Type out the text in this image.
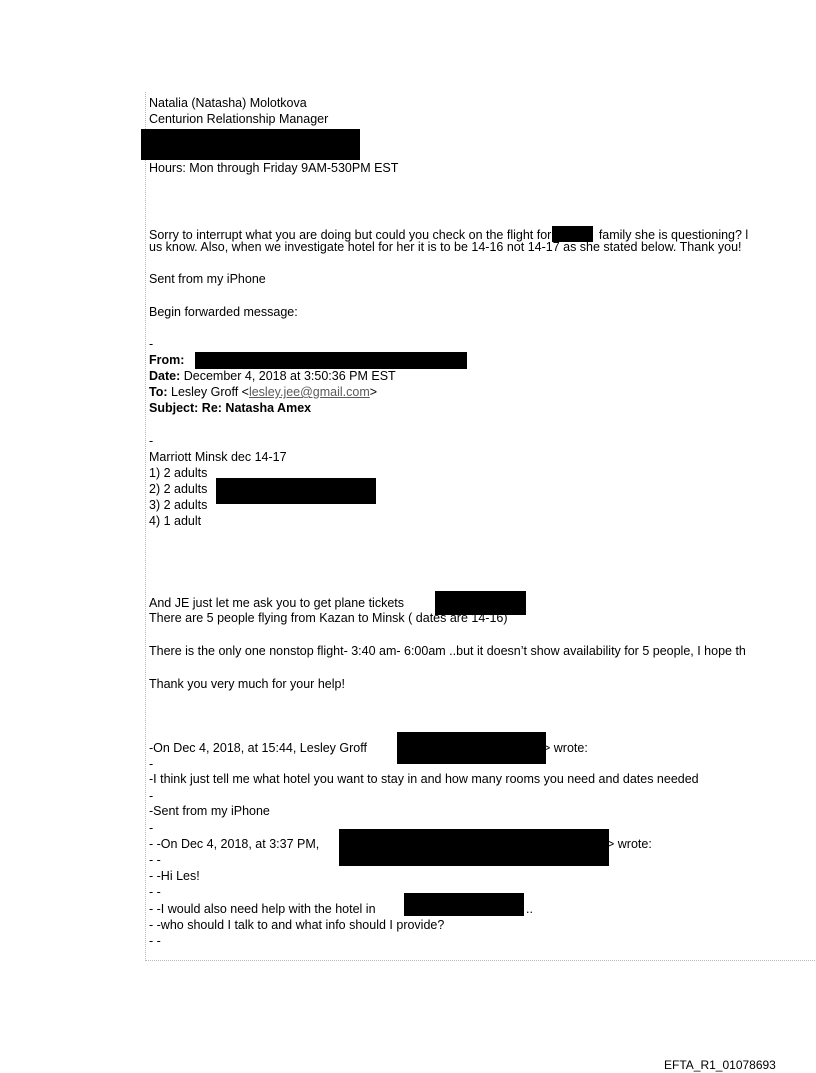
Natalia (Natasha) Molotkova

Centurion Relationship Manager

Hours: Mon through Friday 9AM-530PM EST

Sorry to interrupt what you are doing but could you check on the flight for	family she is questioning? l

us know. Also, when we investigate hotel for her it is to be 14-16 not 14-17 as she stated below. Thank you!

Sent from my iPhone

Begin forwarded message:

-

From:

Date: December 4, 2018 at 3:50:36 PM EST

To: Lesley Groff <lesley.jee@gmail.com>

Subject: Re: Natasha Amex

-

Marriott Minsk dec 14-17

1) 2 adults

2) 2 adults

3) 2 adults

4) 1 adult

And JE just let me ask you to get plane tickets

There are 5 people flying from Kazan to Minsk ( dates are 14-16)

There is the only one nonstop flight- 3:40 am- 6:00am ..but it doesn’t show availability for 5 people, I hope th

Thank you very much for your help!

-On Dec 4, 2018, at 15:44, Lesley Groff	> wrote:

-

-I think just tell me what hotel you want to stay in and how many rooms you need and dates needed

-

-Sent from my iPhone

-

- -On Dec 4, 2018, at 3:37 PM,	> wrote:

- -

- -Hi Les!

- -

- -I would also need help with the hotel in	..

- -who should I talk to and what info should I provide?

- -

EFTA_R1_01078693
